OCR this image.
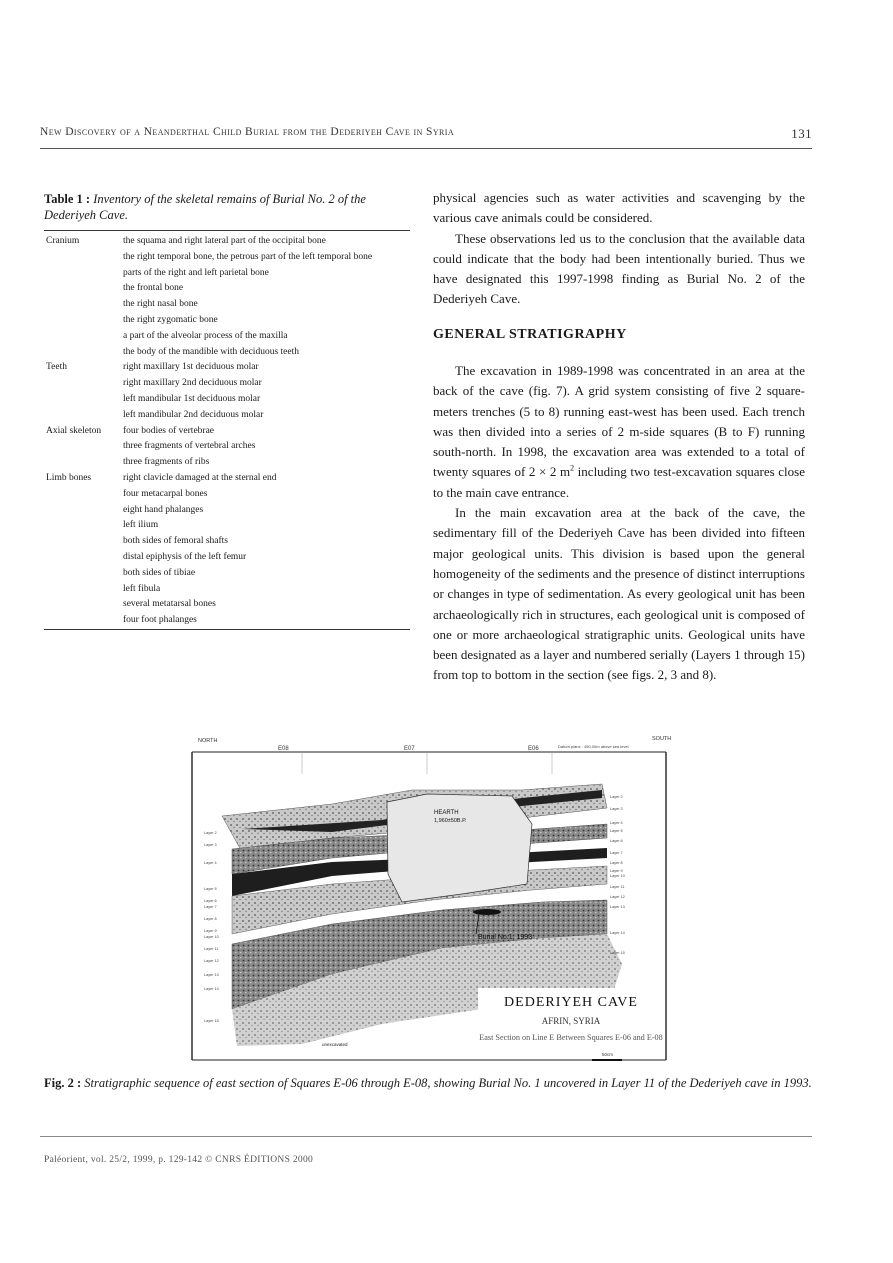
New Discovery of a Neanderthal Child Burial from the Dederiyeh Cave in Syria	131
Table 1 : Inventory of the skeletal remains of Burial No. 2 of the Dederiyeh Cave.
Cranium	the squama and right lateral part of the occipital bone
the right temporal bone, the petrous part of the left temporal bone
parts of the right and left parietal bone
the frontal bone
the right nasal bone
the right zygomatic bone
a part of the alveolar process of the maxilla
the body of the mandible with deciduous teeth
Teeth	right maxillary 1st deciduous molar
right maxillary 2nd deciduous molar
left mandibular 1st deciduous molar
left mandibular 2nd deciduous molar
Axial skeleton four bodies of vertebrae
three fragments of vertebral arches
three fragments of ribs
Limb bones	right clavicle damaged at the sternal end
four metacarpal bones
eight hand phalanges
left ilium
both sides of femoral shafts
distal epiphysis of the left femur
both sides of tibiae
left fibula
several metatarsal bones
four foot phalanges

physical agencies such as water activities and scavenging by the various cave animals could be considered.

These observations led us to the conclusion that the available data could indicate that the body had been intentionally buried. Thus we have designated this 1997-1998 finding as Burial No. 2 of the Dederiyeh Cave.

GENERAL STRATIGRAPHY

The excavation in 1989-1998 was concentrated in an area at the back of the cave (fig. 7). A grid system consisting of five 2 square-meters trenches (5 to 8) running east-west has been used. Each trench was then divided into a series of 2 m-side squares (B to F) running south-north. In 1998, the excavation area was extended to a total of twenty squares of 2 × 2 $m^2$ including two test-excavation squares close to the main cave entrance.

In the main excavation area at the back of the cave, the sedimentary fill of the Dederiyeh Cave has been divided into fifteen major geological units. This division is based upon the general homogeneity of the sediments and the presence of distinct interruptions or changes in type of sedimentation. As every geological unit has been archaeologically rich in structures, each geological unit is composed of one or more archaeological stratigraphic units. Geological units have been designated as a layer and numbered serially (Layers 1 through 15) from top to bottom in the section (see figs. 2, 3 and 8).

NORTH	SOUTH
Datum plane : 450.00m above sea level
E08	E07	E06
HEARTH
1,960±50B.P.
Burial No.1, 1993
Layer 2
Layer 3
Layer 4
Layer 5
Layer 6
Layer 7
Layer 8
Layer 9
Layer 10
Layer 11
Layer 12
Layer 13
Layer 14
Layer 15
Layer 2
Layer 3
Layer 4
Layer 5
Layer 6
Layer 7
Layer 8
Layer 9
Layer 10
Layer 11
Layer 12
Layer 13
Layer 14
Layer 15
unexcavated
DEDERIYEH CAVE
AFRIN, SYRIA
East Section on Line E Between Squares E-06 and E-08
50cm
Fig. 2 : Stratigraphic sequence of east section of Squares E-06 through E-08, showing Burial No. 1 uncovered in Layer 11 of the Dederiyeh cave in 1993.
Paléorient, vol. 25/2, 1999, p. 129-142 © CNRS ÉDITIONS 2000
